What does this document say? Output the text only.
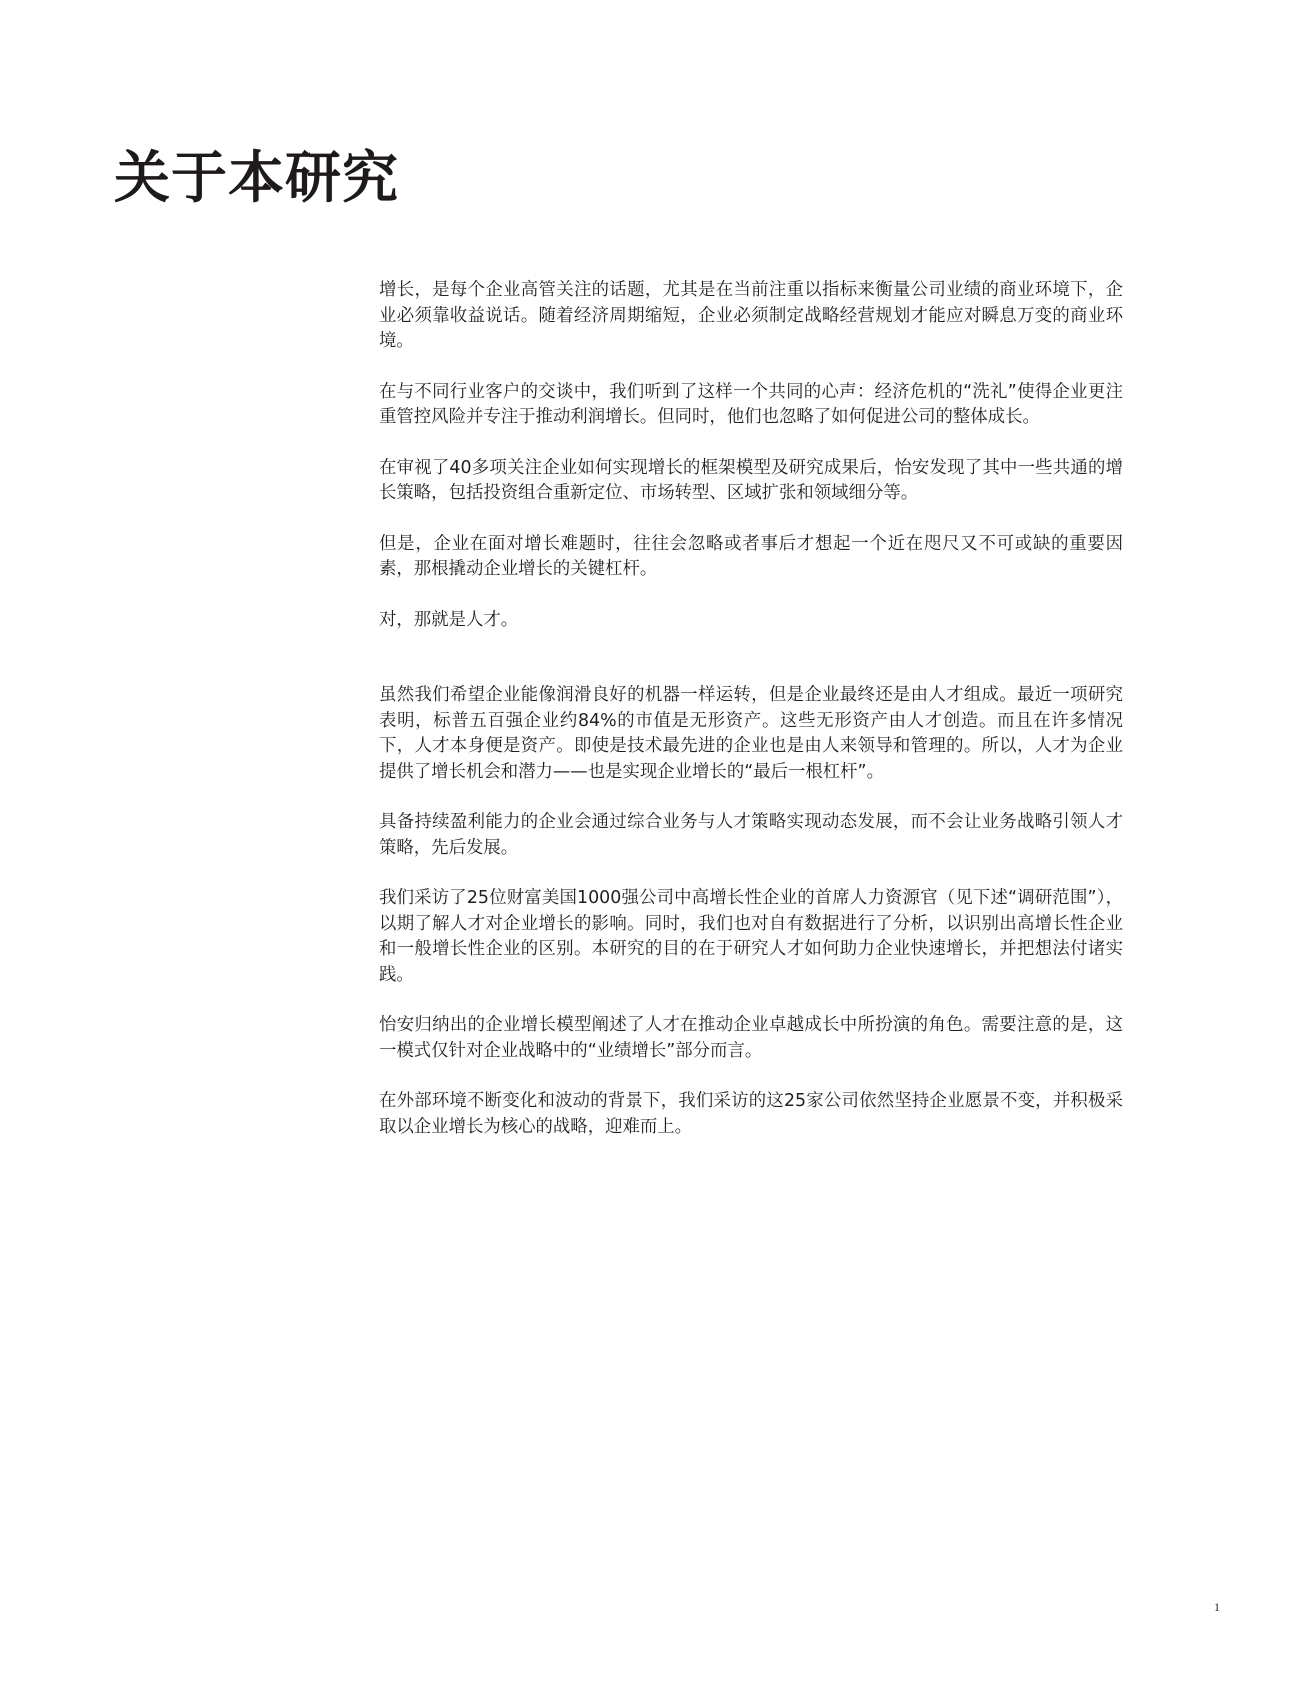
关于本研究

增长，是每个企业高管关注的话题，尤其是在当前注重以指标来衡量公司业绩的商业环境下，企业必须靠收益说话。随着经济周期缩短，企业必须制定战略经营规划才能应对瞬息万变的商业环境。

在与不同行业客户的交谈中，我们听到了这样一个共同的心声：经济危机的“洗礼”使得企业更注重管控风险并专注于推动利润增长。但同时，他们也忽略了如何促进公司的整体成长。

在审视了40多项关注企业如何实现增长的框架模型及研究成果后，怡安发现了其中一些共通的增长策略，包括投资组合重新定位、市场转型、区域扩张和领域细分等。

但是，企业在面对增长难题时，往往会忽略或者事后才想起一个近在咫尺又不可或缺的重要因素，那根撬动企业增长的关键杠杆。

对，那就是人才。

虽然我们希望企业能像润滑良好的机器一样运转，但是企业最终还是由人才组成。最近一项研究表明，标普五百强企业约84%的市值是无形资产。这些无形资产由人才创造。而且在许多情况下，人才本身便是资产。即使是技术最先进的企业也是由人来领导和管理的。所以，人才为企业提供了增长机会和潜力——也是实现企业增长的“最后一根杠杆”。

具备持续盈利能力的企业会通过综合业务与人才策略实现动态发展，而不会让业务战略引领人才策略，先后发展。

我们采访了25位财富美国1000强公司中高增长性企业的首席人力资源官（见下述“调研范围”），以期了解人才对企业增长的影响。同时，我们也对自有数据进行了分析，以识别出高增长性企业和一般增长性企业的区别。本研究的目的在于研究人才如何助力企业快速增长，并把想法付诸实践。

怡安归纳出的企业增长模型阐述了人才在推动企业卓越成长中所扮演的角色。需要注意的是，这一模式仅针对企业战略中的“业绩增长”部分而言。

在外部环境不断变化和波动的背景下，我们采访的这25家公司依然坚持企业愿景不变，并积极采取以企业增长为核心的战略，迎难而上。

1
